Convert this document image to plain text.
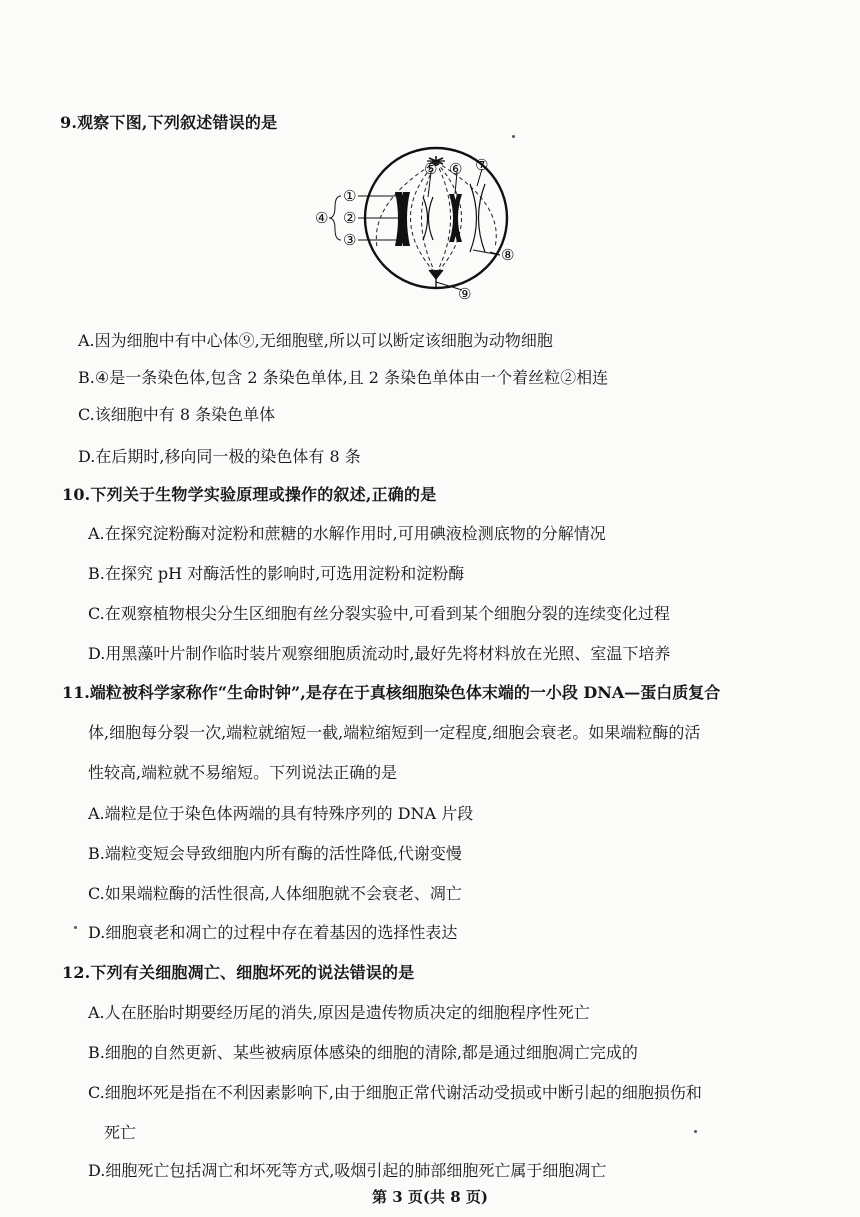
9.观察下图,下列叙述错误的是
①
②
③
④
⑤ ⑥ ⑦
⑧
⑨
A.因为细胞中有中心体⑨,无细胞壁,所以可以断定该细胞为动物细胞
B.④是一条染色体,包含 2 条染色单体,且 2 条染色单体由一个着丝粒②相连
C.该细胞中有 8 条染色单体
D.在后期时,移向同一极的染色体有 8 条
10.下列关于生物学实验原理或操作的叙述,正确的是
A.在探究淀粉酶对淀粉和蔗糖的水解作用时,可用碘液检测底物的分解情况
B.在探究 pH 对酶活性的影响时,可选用淀粉和淀粉酶
C.在观察植物根尖分生区细胞有丝分裂实验中,可看到某个细胞分裂的连续变化过程
D.用黑藻叶片制作临时装片观察细胞质流动时,最好先将材料放在光照、室温下培养
11.端粒被科学家称作“生命时钟”,是存在于真核细胞染色体末端的一小段 DNA—蛋白质复合
体,细胞每分裂一次,端粒就缩短一截,端粒缩短到一定程度,细胞会衰老。如果端粒酶的活
性较高,端粒就不易缩短。下列说法正确的是
A.端粒是位于染色体两端的具有特殊序列的 DNA 片段
B.端粒变短会导致细胞内所有酶的活性降低,代谢变慢
C.如果端粒酶的活性很高,人体细胞就不会衰老、凋亡
D.细胞衰老和凋亡的过程中存在着基因的选择性表达
12.下列有关细胞凋亡、细胞坏死的说法错误的是
A.人在胚胎时期要经历尾的消失,原因是遗传物质决定的细胞程序性死亡
B.细胞的自然更新、某些被病原体感染的细胞的清除,都是通过细胞凋亡完成的
C.细胞坏死是指在不利因素影响下,由于细胞正常代谢活动受损或中断引起的细胞损伤和
死亡
D.细胞死亡包括凋亡和坏死等方式,吸烟引起的肺部细胞死亡属于细胞凋亡
第 3 页(共 8 页)
